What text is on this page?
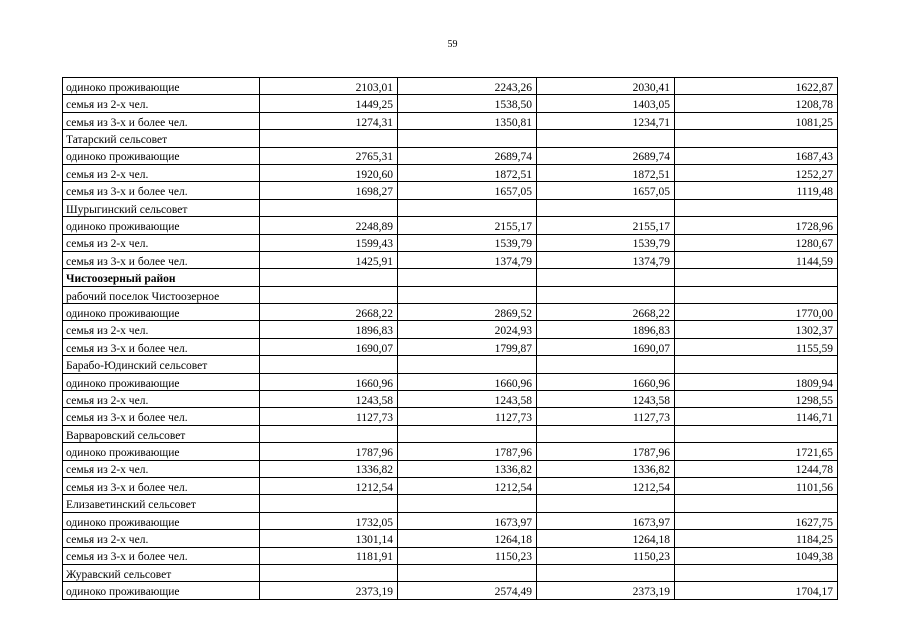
59
одиноко проживающие	2103,01	2243,26	2030,41	1622,87
семья из 2-х чел.	1449,25	1538,50	1403,05	1208,78
семья из 3-х и более чел.	1274,31	1350,81	1234,71	1081,25
Татарский сельсовет				
одиноко проживающие	2765,31	2689,74	2689,74	1687,43
семья из 2-х чел.	1920,60	1872,51	1872,51	1252,27
семья из 3-х и более чел.	1698,27	1657,05	1657,05	1119,48
Шурыгинский сельсовет				
одиноко проживающие	2248,89	2155,17	2155,17	1728,96
семья из 2-х чел.	1599,43	1539,79	1539,79	1280,67
семья из 3-х и более чел.	1425,91	1374,79	1374,79	1144,59
Чистоозерный район				
рабочий поселок Чистоозерное				
одиноко проживающие	2668,22	2869,52	2668,22	1770,00
семья из 2-х чел.	1896,83	2024,93	1896,83	1302,37
семья из 3-х и более чел.	1690,07	1799,87	1690,07	1155,59
Барабо-Юдинский сельсовет				
одиноко проживающие	1660,96	1660,96	1660,96	1809,94
семья из 2-х чел.	1243,58	1243,58	1243,58	1298,55
семья из 3-х и более чел.	1127,73	1127,73	1127,73	1146,71
Варваровский сельсовет				
одиноко проживающие	1787,96	1787,96	1787,96	1721,65
семья из 2-х чел.	1336,82	1336,82	1336,82	1244,78
семья из 3-х и более чел.	1212,54	1212,54	1212,54	1101,56
Елизаветинский сельсовет				
одиноко проживающие	1732,05	1673,97	1673,97	1627,75
семья из 2-х чел.	1301,14	1264,18	1264,18	1184,25
семья из 3-х и более чел.	1181,91	1150,23	1150,23	1049,38
Журавский сельсовет				
одиноко проживающие	2373,19	2574,49	2373,19	1704,17
